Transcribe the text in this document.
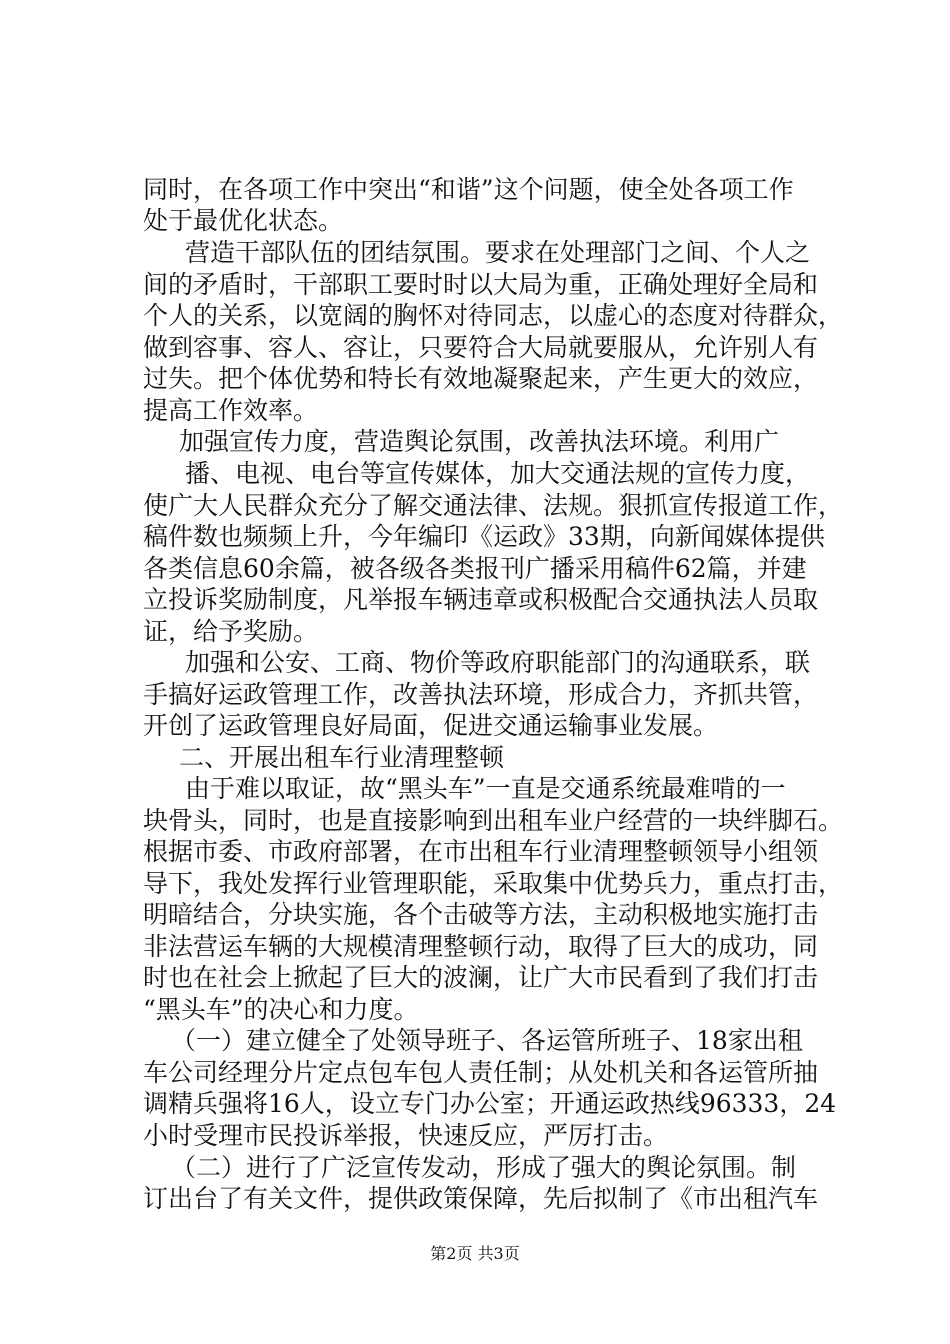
同时，在各项工作中突出“和谐”这个问题，使全处各项工作
处于最优化状态。
营造干部队伍的团结氛围。要求在处理部门之间、个人之
间的矛盾时，干部职工要时时以大局为重，正确处理好全局和
个人的关系，以宽阔的胸怀对待同志，以虚心的态度对待群众，
做到容事、容人、容让，只要符合大局就要服从，允许别人有
过失。把个体优势和特长有效地凝聚起来，产生更大的效应，
提高工作效率。
加强宣传力度，营造舆论氛围，改善执法环境。利用广
播、电视、电台等宣传媒体，加大交通法规的宣传力度，
使广大人民群众充分了解交通法律、法规。狠抓宣传报道工作，
稿件数也频频上升，今年编印《运政》33期，向新闻媒体提供
各类信息60余篇，被各级各类报刊广播采用稿件62篇，并建
立投诉奖励制度，凡举报车辆违章或积极配合交通执法人员取
证，给予奖励。
加强和公安、工商、物价等政府职能部门的沟通联系，联
手搞好运政管理工作，改善执法环境，形成合力，齐抓共管，
开创了运政管理良好局面，促进交通运输事业发展。
二、开展出租车行业清理整顿
由于难以取证，故“黑头车”一直是交通系统最难啃的一
块骨头，同时，也是直接影响到出租车业户经营的一块绊脚石。
根据市委、市政府部署，在市出租车行业清理整顿领导小组领
导下，我处发挥行业管理职能，采取集中优势兵力，重点打击，
明暗结合，分块实施，各个击破等方法，主动积极地实施打击
非法营运车辆的大规模清理整顿行动，取得了巨大的成功，同
时也在社会上掀起了巨大的波澜，让广大市民看到了我们打击
“黑头车”的决心和力度。
（一）建立健全了处领导班子、各运管所班子、18家出租
车公司经理分片定点包车包人责任制；从处机关和各运管所抽
调精兵强将16人，设立专门办公室；开通运政热线96333，24
小时受理市民投诉举报，快速反应，严厉打击。
（二）进行了广泛宣传发动，形成了强大的舆论氛围。制
订出台了有关文件，提供政策保障，先后拟制了《市出租汽车
第2页 共3页
